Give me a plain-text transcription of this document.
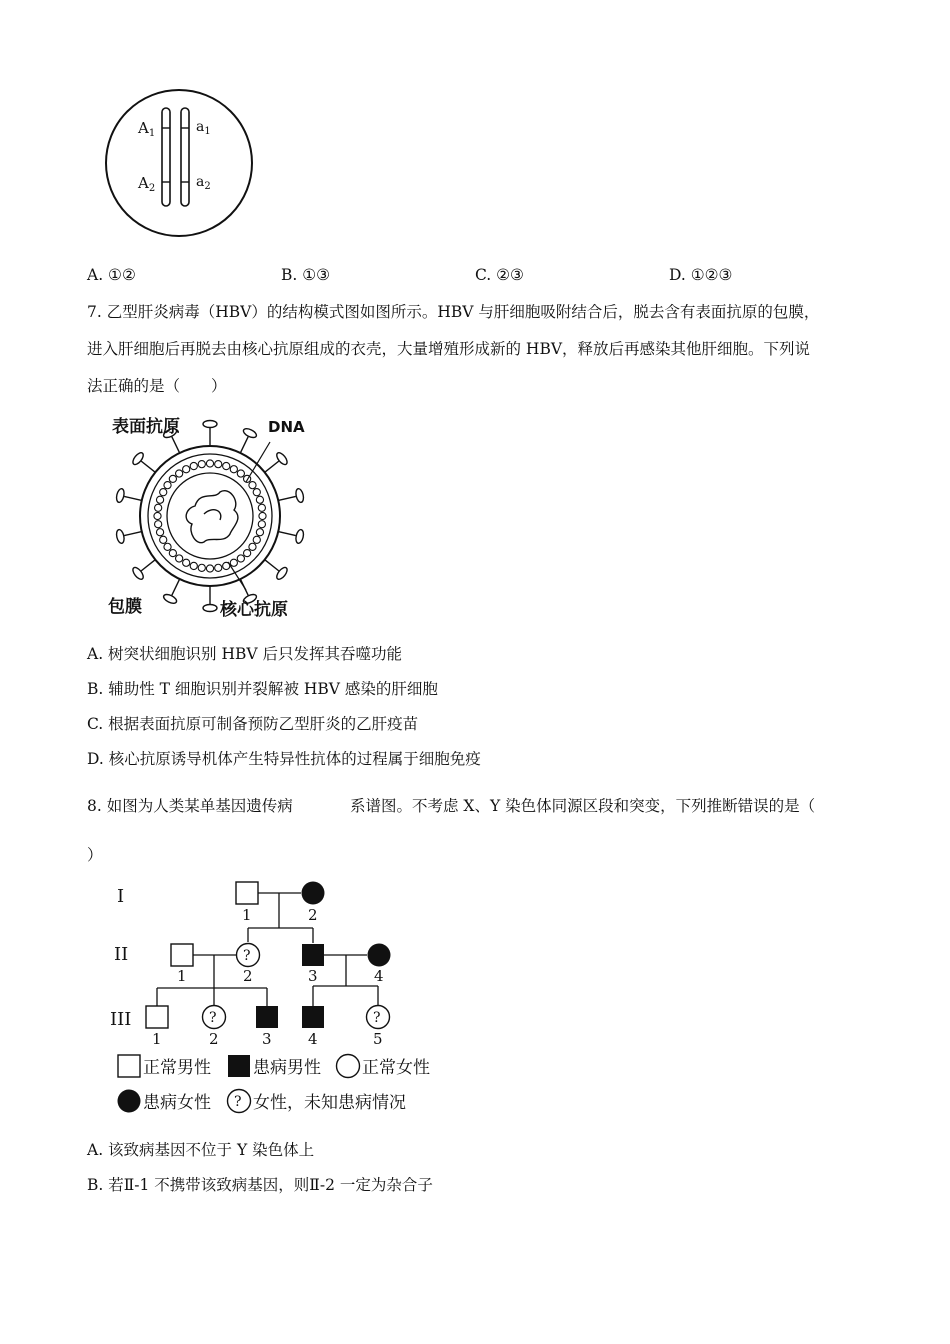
$A_1$
$A_2$
$a_1$
$a_2$
A. ①②	B. ①③	C. ②③	D. ①②③
7. 乙型肝炎病毒（HBV）的结构模式图如图所示。HBV 与肝细胞吸附结合后，脱去含有表面抗原的包膜，
进入肝细胞后再脱去由核心抗原组成的衣壳，大量增殖形成新的 HBV，释放后再感染其他肝细胞。下列说
法正确的是（　　）
表面抗原	DNA
包膜	核心抗原
A. 树突状细胞识别 HBV 后只发挥其吞噬功能
B. 辅助性 T 细胞识别并裂解被 HBV 感染的肝细胞
C. 根据表面抗原可制备预防乙型肝炎的乙肝疫苗
D. 核心抗原诱导机体产生特异性抗体的过程属于细胞免疫
8. 如图为人类某单基因遗传病	系谱图。不考虑 X、Y 染色体同源区段和突变，下列推断错误的是（
）
I
II
III
1	2
?
1	2	3	4
?	?
1	2	3 4	5
正常男性 患病男性 正常女性
患病女性 ? 女性，未知患病情况
A. 该致病基因不位于 Y 染色体上
B. 若Ⅱ-1 不携带该致病基因，则Ⅱ-2 一定为杂合子
